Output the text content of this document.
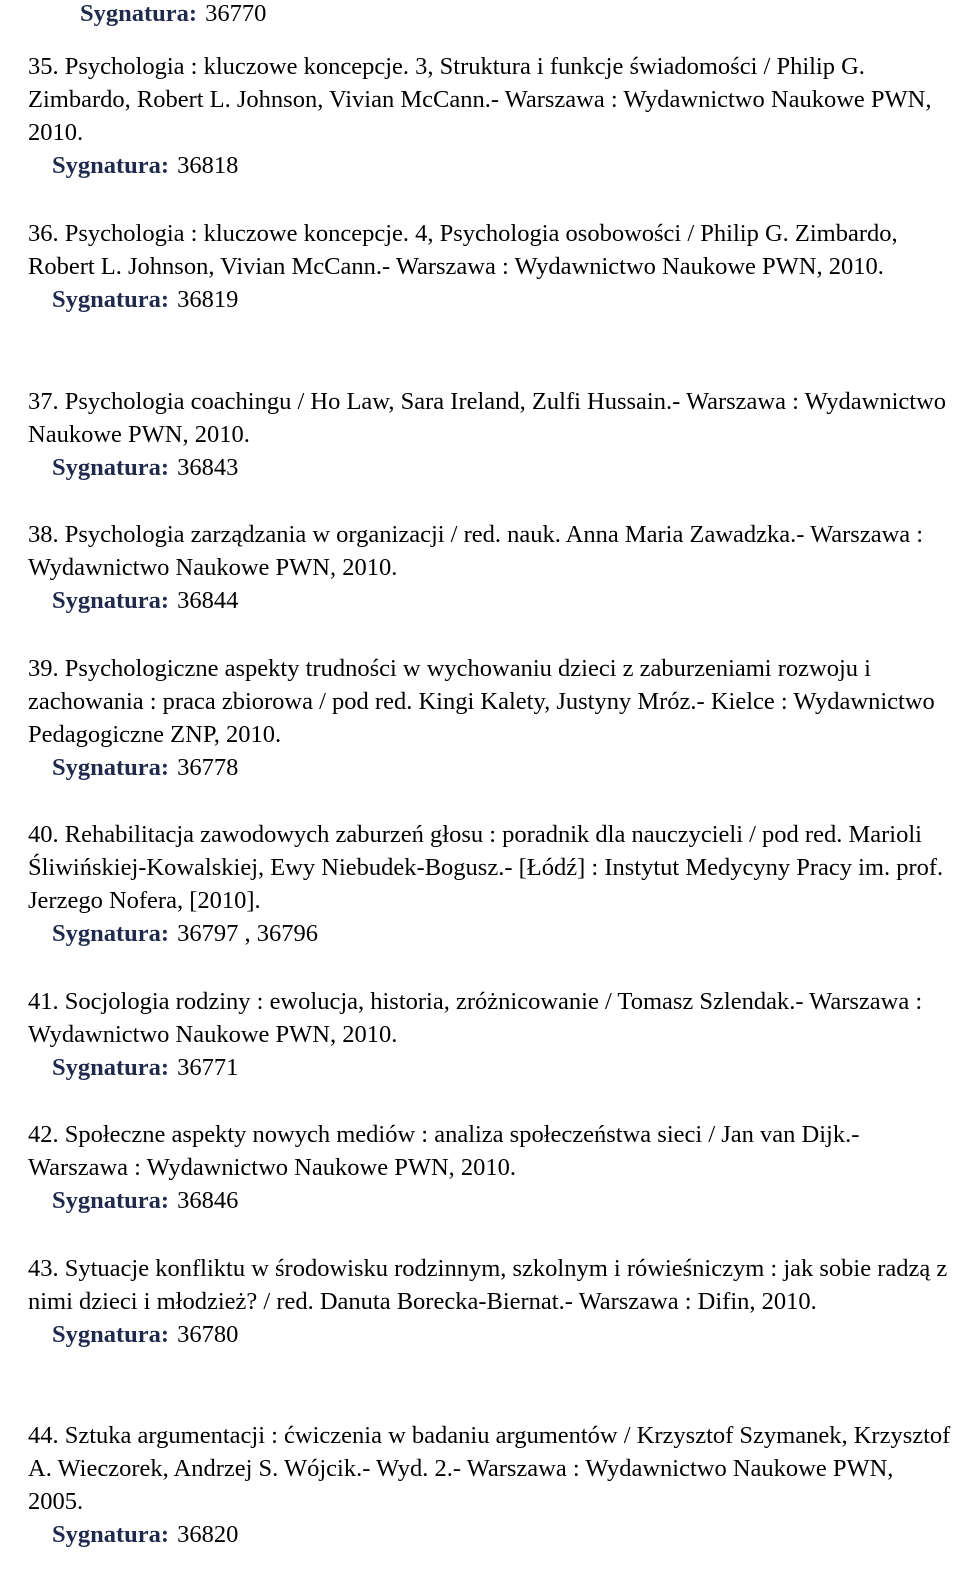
Sygnatura: 36770

35. Psychologia : kluczowe koncepcje. 3, Struktura i funkcje świadomości / Philip G. Zimbardo, Robert L. Johnson, Vivian McCann.- Warszawa : Wydawnictwo Naukowe PWN, 2010.

Sygnatura: 36818

36. Psychologia : kluczowe koncepcje. 4, Psychologia osobowości / Philip G. Zimbardo, Robert L. Johnson, Vivian McCann.- Warszawa : Wydawnictwo Naukowe PWN, 2010.

Sygnatura: 36819

37. Psychologia coachingu / Ho Law, Sara Ireland, Zulfi Hussain.- Warszawa : Wydawnictwo Naukowe PWN, 2010.

Sygnatura: 36843

38. Psychologia zarządzania w organizacji / red. nauk. Anna Maria Zawadzka.- Warszawa : Wydawnictwo Naukowe PWN, 2010.

Sygnatura: 36844

39. Psychologiczne aspekty trudności w wychowaniu dzieci z zaburzeniami rozwoju i zachowania : praca zbiorowa / pod red. Kingi Kalety, Justyny Mróz.- Kielce : Wydawnictwo Pedagogiczne ZNP, 2010.

Sygnatura: 36778

40. Rehabilitacja zawodowych zaburzeń głosu : poradnik dla nauczycieli / pod red. Marioli Śliwińskiej-Kowalskiej, Ewy Niebudek-Bogusz.- [Łódź] : Instytut Medycyny Pracy im. prof. Jerzego Nofera, [2010].

Sygnatura: 36797 , 36796

41. Socjologia rodziny : ewolucja, historia, zróżnicowanie / Tomasz Szlendak.- Warszawa : Wydawnictwo Naukowe PWN, 2010.

Sygnatura: 36771

42. Społeczne aspekty nowych mediów : analiza społeczeństwa sieci / Jan van Dijk.- Warszawa : Wydawnictwo Naukowe PWN, 2010.

Sygnatura: 36846

43. Sytuacje konfliktu w środowisku rodzinnym, szkolnym i rówieśniczym : jak sobie radzą z nimi dzieci i młodzież? / red. Danuta Borecka-Biernat.- Warszawa : Difin, 2010.

Sygnatura: 36780

44. Sztuka argumentacji : ćwiczenia w badaniu argumentów / Krzysztof Szymanek, Krzysztof A. Wieczorek, Andrzej S. Wójcik.- Wyd. 2.- Warszawa : Wydawnictwo Naukowe PWN, 2005.

Sygnatura: 36820
